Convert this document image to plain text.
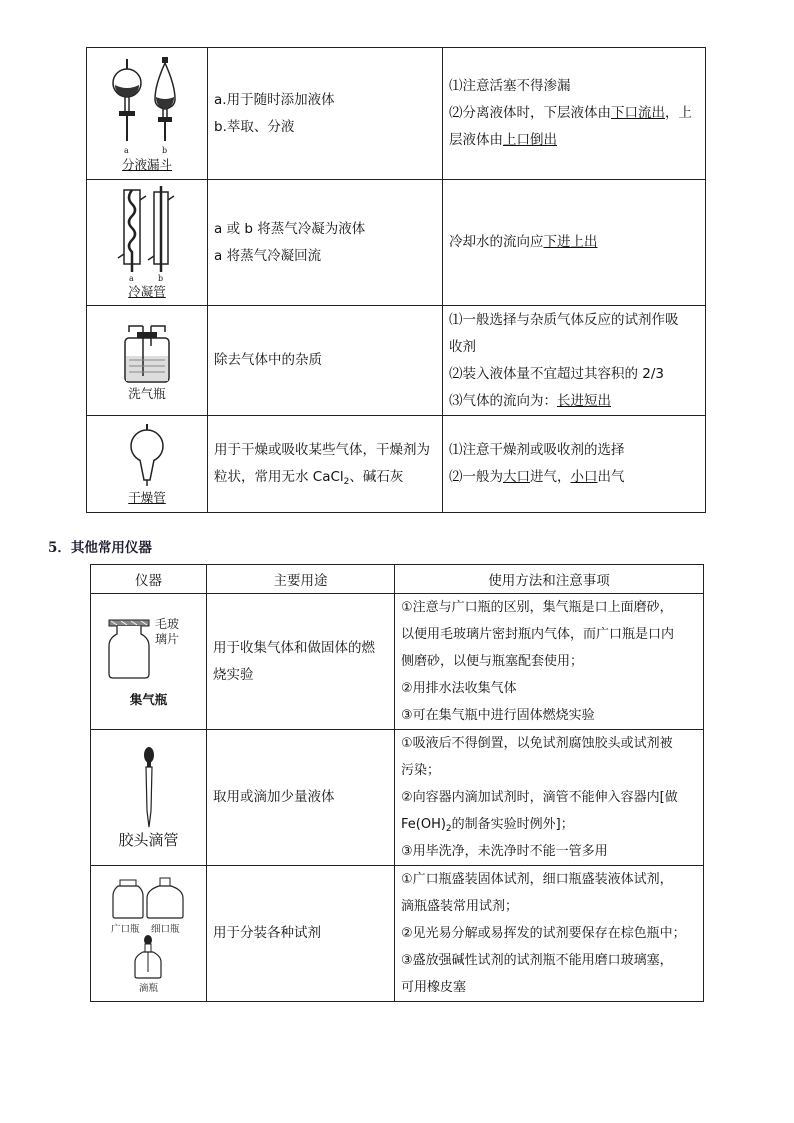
a b
分液漏斗	a.用于随时添加液体
b.萃取、分液	⑴注意活塞不得渗漏
⑵分离液体时，下层液体由下口流出，上
层液体由上口倒出

a b
冷凝管	a 或 b 将蒸气冷凝为液体
a 将蒸气冷凝回流	冷却水的流向应下进上出

洗气瓶	除去气体中的杂质	⑴一般选择与杂质气体反应的试剂作吸
收剂
⑵装入液体量不宜超过其容积的 2/3
⑶气体的流向为：长进短出

干燥管	用于干燥或吸收某些气体，干燥剂为
粒状，常用无水 CaCl$_2$、碱石灰	⑴注意干燥剂或吸收剂的选择
⑵一般为大口进气，小口出气
5．其他常用仪器
仪器	主要用途	使用方法和注意事项

毛玻
璃片
集气瓶	用于收集气体和做固体的燃
烧实验	①注意与广口瓶的区别，集气瓶是口上面磨砂，
以便用毛玻璃片密封瓶内气体，而广口瓶是口内
侧磨砂，以便与瓶塞配套使用；
②用排水法收集气体
③可在集气瓶中进行固体燃烧实验

胶头滴管	取用或滴加少量液体	①吸液后不得倒置，以免试剂腐蚀胶头或试剂被
污染；
②向容器内滴加试剂时，滴管不能伸入容器内[做
$Fe(OH)_2$的制备实验时例外]；
③用毕洗净，未洗净时不能一管多用

广口瓶 细口瓶
滴瓶	用于分装各种试剂	①广口瓶盛装固体试剂，细口瓶盛装液体试剂，
滴瓶盛装常用试剂；
②见光易分解或易挥发的试剂要保存在棕色瓶中；
③盛放强碱性试剂的试剂瓶不能用磨口玻璃塞，
可用橡皮塞
